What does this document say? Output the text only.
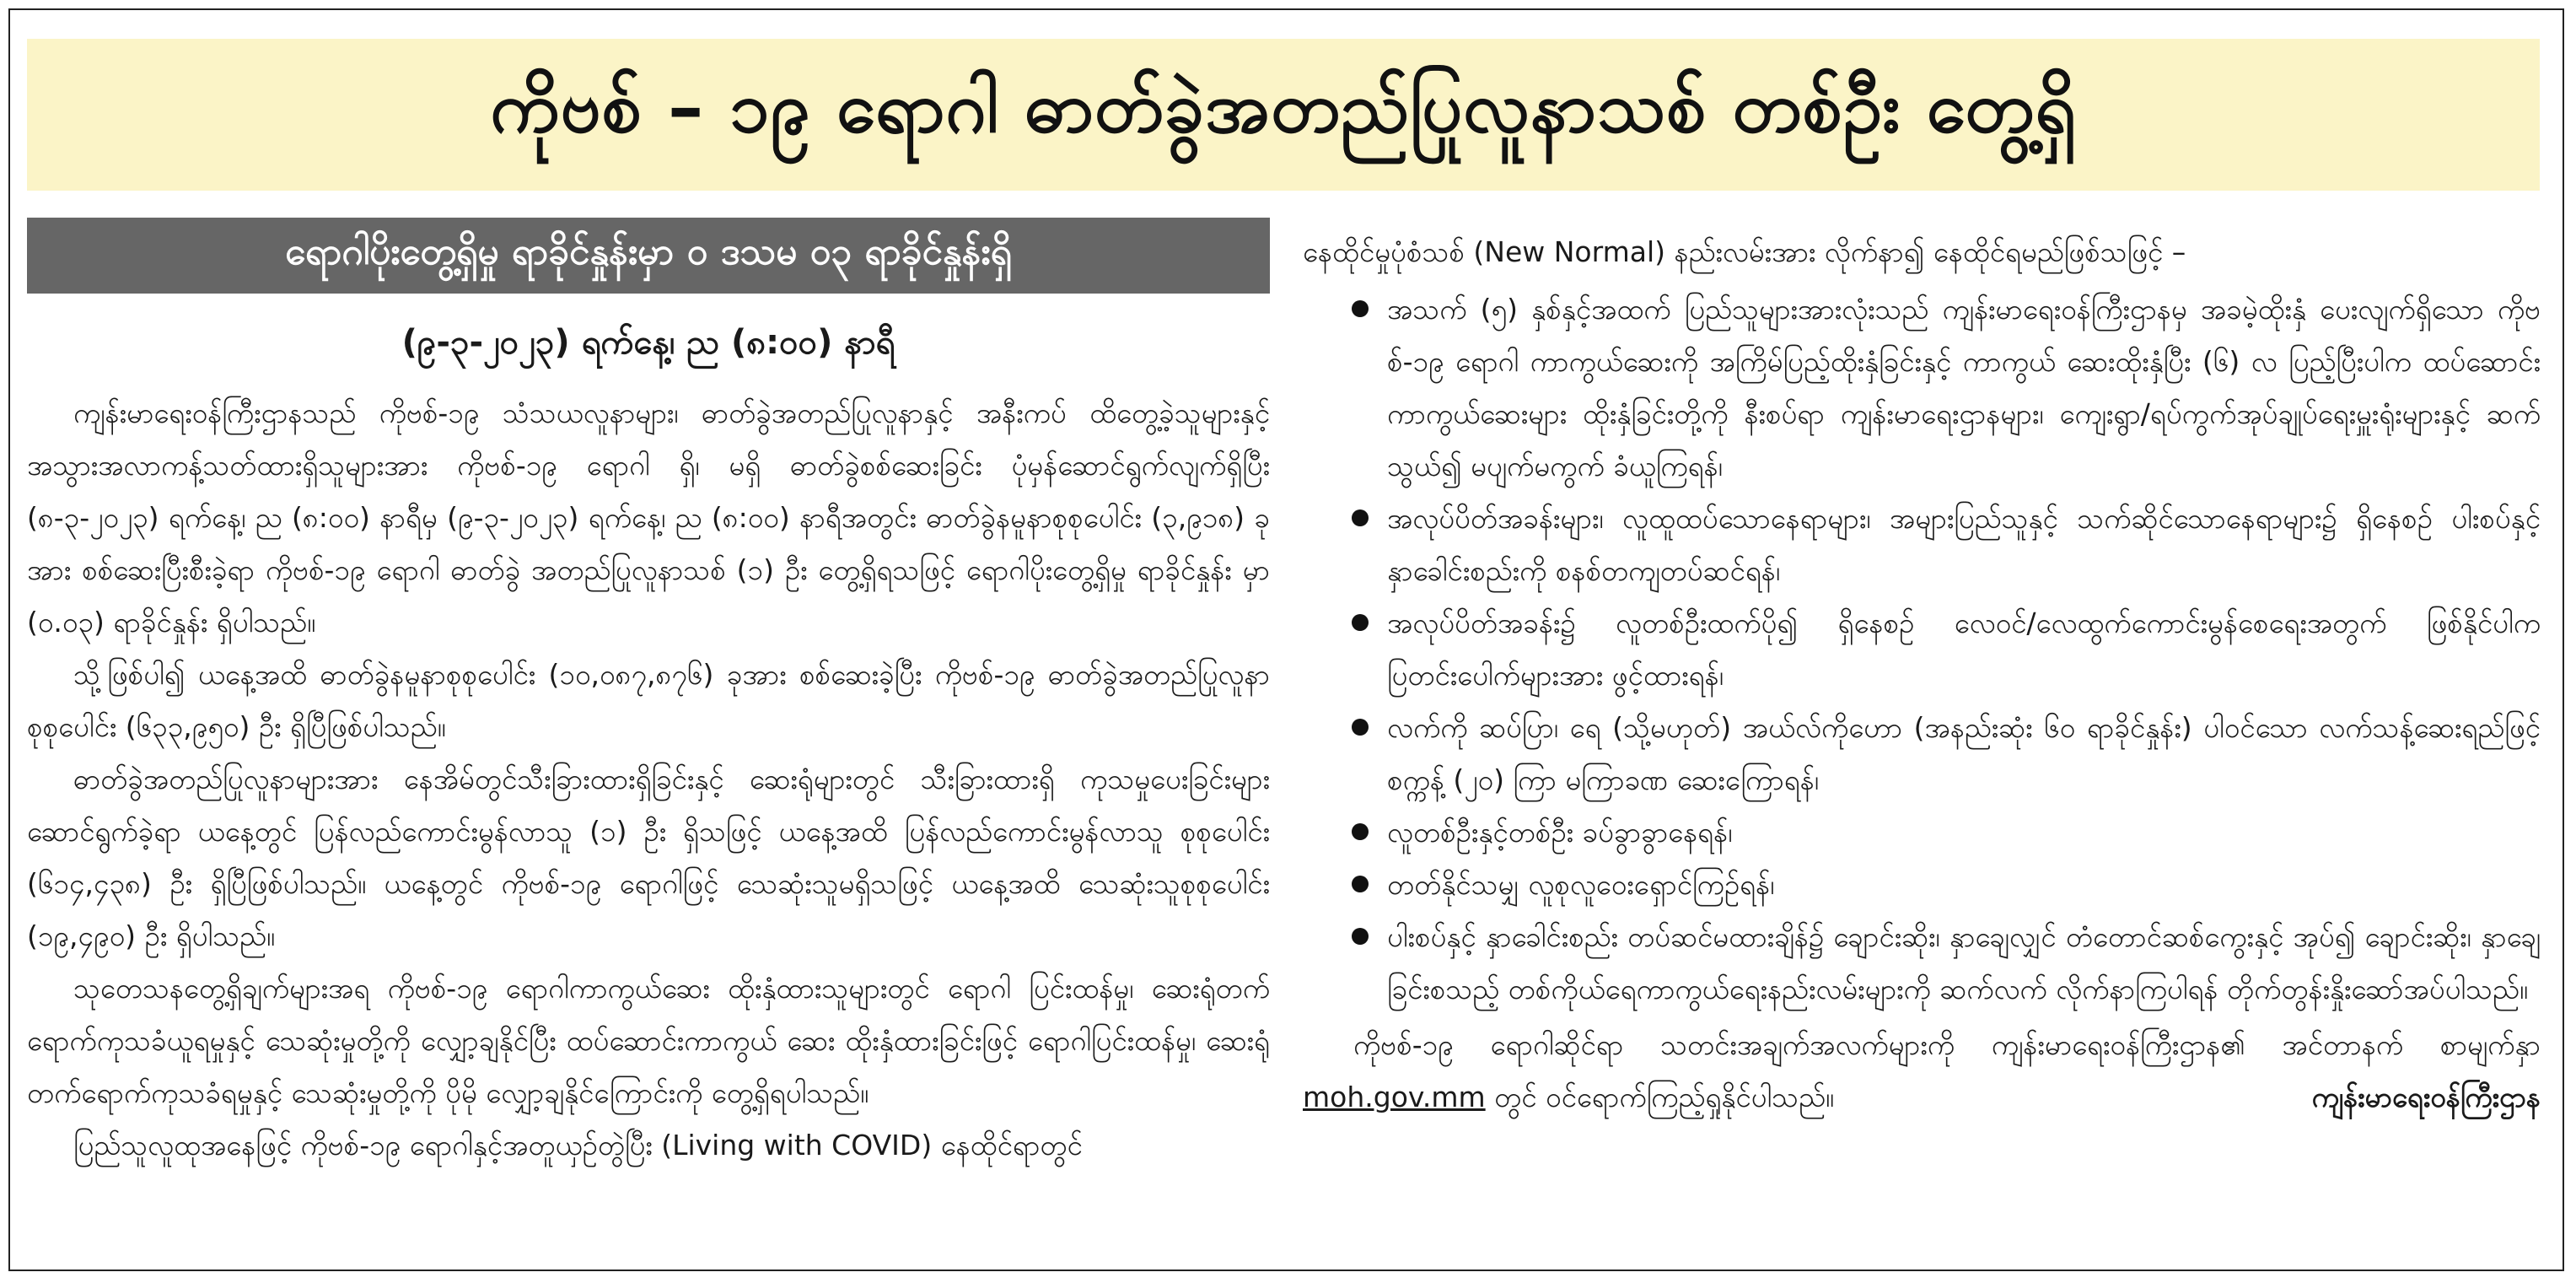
ကိုဗစ် – ၁၉ ရောဂါ ဓာတ်ခွဲအတည်ပြုလူနာသစ် တစ်ဦး တွေ့ရှိ
ရောဂါပိုးတွေ့ရှိမှု ရာခိုင်နှုန်းမှာ ၀ ဒသမ ၀၃ ရာခိုင်နှုန်းရှိ
(၉-၃-၂၀၂၃) ရက်နေ့၊ ည (၈:၀၀) နာရီ

ကျန်းမာရေးဝန်ကြီးဌာနသည် ကိုဗစ်-၁၉ သံသယလူနာများ၊ ဓာတ်ခွဲအတည်ပြုလူနာနှင့် အနီးကပ် ထိတွေ့ခဲ့သူများနှင့် အသွားအလာကန့်သတ်ထားရှိသူများအား ကိုဗစ်-၁၉ ရောဂါ ရှိ၊ မရှိ ဓာတ်ခွဲစစ်ဆေးခြင်း ပုံမှန်ဆောင်ရွက်လျက်ရှိပြီး (၈-၃-၂၀၂၃) ရက်နေ့၊ ည (၈:၀၀) နာရီမှ (၉-၃-၂၀၂၃) ရက်နေ့၊ ည (၈:၀၀) နာရီအတွင်း ဓာတ်ခွဲနမူနာစုစုပေါင်း (၃,၉၁၈) ခုအား စစ်ဆေးပြီးစီးခဲ့ရာ ကိုဗစ်-၁၉ ရောဂါ ဓာတ်ခွဲ အတည်ပြုလူနာသစ် (၁) ဦး တွေ့ရှိရသဖြင့် ရောဂါပိုးတွေ့ရှိမှု ရာခိုင်နှုန်း မှာ (၀.၀၃) ရာခိုင်နှုန်း ရှိပါသည်။

သို့ဖြစ်ပါ၍ ယနေ့အထိ ဓာတ်ခွဲနမူနာစုစုပေါင်း (၁၀,၀၈၇,၈၇၆) ခုအား စစ်ဆေးခဲ့ပြီး ကိုဗစ်-၁၉ ဓာတ်ခွဲအတည်ပြုလူနာ စုစုပေါင်း (၆၃၃,၉၅၀) ဦး ရှိပြီဖြစ်ပါသည်။

ဓာတ်ခွဲအတည်ပြုလူနာများအား နေအိမ်တွင်သီးခြားထားရှိခြင်းနှင့် ဆေးရုံများတွင် သီးခြားထားရှိ ကုသမှုပေးခြင်းများ ဆောင်ရွက်ခဲ့ရာ ယနေ့တွင် ပြန်လည်ကောင်းမွန်လာသူ (၁) ဦး ရှိသဖြင့် ယနေ့အထိ ပြန်လည်ကောင်းမွန်လာသူ စုစုပေါင်း (၆၁၄,၄၃၈) ဦး ရှိပြီဖြစ်ပါသည်။ ယနေ့တွင် ကိုဗစ်-၁၉ ရောဂါဖြင့် သေဆုံးသူမရှိသဖြင့် ယနေ့အထိ သေဆုံးသူစုစုပေါင်း (၁၉,၄၉၀) ဦး ရှိပါသည်။

သုတေသနတွေ့ရှိချက်များအရ ကိုဗစ်-၁၉ ရောဂါကာကွယ်ဆေး ထိုးနှံထားသူများတွင် ရောဂါ ပြင်းထန်မှု၊ ဆေးရုံတက်ရောက်ကုသခံယူရမှုနှင့် သေဆုံးမှုတို့ကို လျှော့ချနိုင်ပြီး ထပ်ဆောင်းကာကွယ် ဆေး ထိုးနှံထားခြင်းဖြင့် ရောဂါပြင်းထန်မှု၊ ဆေးရုံတက်ရောက်ကုသခံရမှုနှင့် သေဆုံးမှုတို့ကို ပိုမို လျှော့ချနိုင်ကြောင်းကို တွေ့ရှိရပါသည်။

ပြည်သူလူထုအနေဖြင့် ကိုဗစ်-၁၉ ရောဂါနှင့်အတူယှဉ်တွဲပြီး (Living with COVID) နေထိုင်ရာတွင်

နေထိုင်မှုပုံစံသစ် (New Normal) နည်းလမ်းအား လိုက်နာ၍ နေထိုင်ရမည်ဖြစ်သဖြင့် –

အသက် (၅) နှစ်နှင့်အထက် ပြည်သူများအားလုံးသည် ကျန်းမာရေးဝန်ကြီးဌာနမှ အခမဲ့ထိုးနှံ ပေးလျက်ရှိသော ကိုဗစ်-၁၉ ရောဂါ ကာကွယ်ဆေးကို အကြိမ်ပြည့်ထိုးနှံခြင်းနှင့် ကာကွယ် ဆေးထိုးနှံပြီး (၆) လ ပြည့်ပြီးပါက ထပ်ဆောင်းကာကွယ်ဆေးများ ထိုးနှံခြင်းတို့ကို နီးစပ်ရာ ကျန်းမာရေးဌာနများ၊ ကျေးရွာ/ရပ်ကွက်အုပ်ချုပ်ရေးမှူးရုံးများနှင့် ဆက်သွယ်၍ မပျက်မကွက် ခံယူကြရန်၊
အလုပ်ပိတ်အခန်းများ၊ လူထူထပ်သောနေရာများ၊ အများပြည်သူနှင့် သက်ဆိုင်သောနေရာများ၌ ရှိနေစဉ် ပါးစပ်နှင့် နှာခေါင်းစည်းကို စနစ်တကျတပ်ဆင်ရန်၊
အလုပ်ပိတ်အခန်း၌ လူတစ်ဦးထက်ပို၍ ရှိနေစဉ် လေဝင်/လေထွက်ကောင်းမွန်စေရေးအတွက် ဖြစ်နိုင်ပါက ပြတင်းပေါက်များအား ဖွင့်ထားရန်၊
လက်ကို ဆပ်ပြာ၊ ရေ (သို့မဟုတ်) အယ်လ်ကိုဟော (အနည်းဆုံး ၆၀ ရာခိုင်နှုန်း) ပါဝင်သော လက်သန့်ဆေးရည်ဖြင့် စက္ကန့် (၂၀) ကြာ မကြာခဏ ဆေးကြောရန်၊
လူတစ်ဦးနှင့်တစ်ဦး ခပ်ခွာခွာနေရန်၊
တတ်နိုင်သမျှ လူစုလူဝေးရှောင်ကြဉ်ရန်၊
ပါးစပ်နှင့် နှာခေါင်းစည်း တပ်ဆင်မထားချိန်၌ ချောင်းဆိုး၊ နှာချေလျှင် တံတောင်ဆစ်ကွေးနှင့် အုပ်၍ ချောင်းဆိုး၊ နှာချေခြင်းစသည့် တစ်ကိုယ်ရေကာကွယ်ရေးနည်းလမ်းများကို ဆက်လက် လိုက်နာကြပါရန် တိုက်တွန်းနှိုးဆော်အပ်ပါသည်။

ကိုဗစ်-၁၉ ရောဂါဆိုင်ရာ သတင်းအချက်အလက်များကို ကျန်းမာရေးဝန်ကြီးဌာန၏ အင်တာနက် စာမျက်နှာ moh.gov.mm တွင် ဝင်ရောက်ကြည့်ရှုနိုင်ပါသည်။	ကျန်းမာရေးဝန်ကြီးဌာန
